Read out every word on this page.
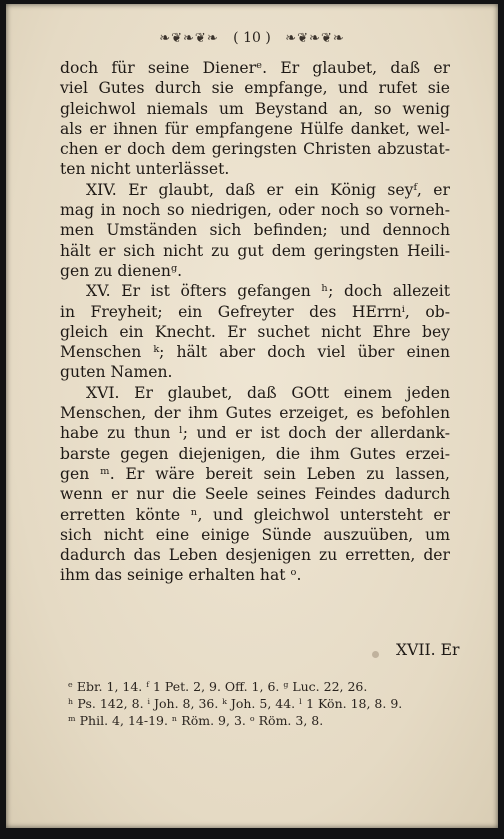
❧❦❧❦❧ ( 10 ) ❧❦❧❦❧
doch für seine Dienerᵉ. Er glaubet, daß er
viel Gutes durch sie empfange, und rufet sie
gleichwol niemals um Beystand an, so wenig
als er ihnen für empfangene Hülfe danket, wel-
chen er doch dem geringsten Christen abzustat-
ten nicht unterlässet.
XIV. Er glaubt, daß er ein König seyᶠ, er
mag in noch so niedrigen, oder noch so vorneh-
men Umständen sich befinden; und dennoch
hält er sich nicht zu gut dem geringsten Heili-
gen zu dienenᵍ.
XV. Er ist öfters gefangen ʰ; doch allezeit
in Freyheit; ein Gefreyter des HErrnⁱ, ob-
gleich ein Knecht. Er suchet nicht Ehre bey
Menschen ᵏ; hält aber doch viel über einen
guten Namen.
XVI. Er glaubet, daß GOtt einem jeden
Menschen, der ihm Gutes erzeiget, es befohlen
habe zu thun ˡ; und er ist doch der allerdank-
barste gegen diejenigen, die ihm Gutes erzei-
gen ᵐ. Er wäre bereit sein Leben zu lassen,
wenn er nur die Seele seines Feindes dadurch
erretten könte ⁿ, und gleichwol untersteht er
sich nicht eine einige Sünde auszuüben, um
dadurch das Leben desjenigen zu erretten, der
ihm das seinige erhalten hat ᵒ.
XVII. Er
ᵉ Ebr. 1, 14. ᶠ 1 Pet. 2, 9. Off. 1, 6. ᵍ Luc. 22, 26.
ʰ Ps. 142, 8. ⁱ Joh. 8, 36. ᵏ Joh. 5, 44. ˡ 1 Kön. 18, 8. 9.
ᵐ Phil. 4, 14-19. ⁿ Röm. 9, 3. ᵒ Röm. 3, 8.
